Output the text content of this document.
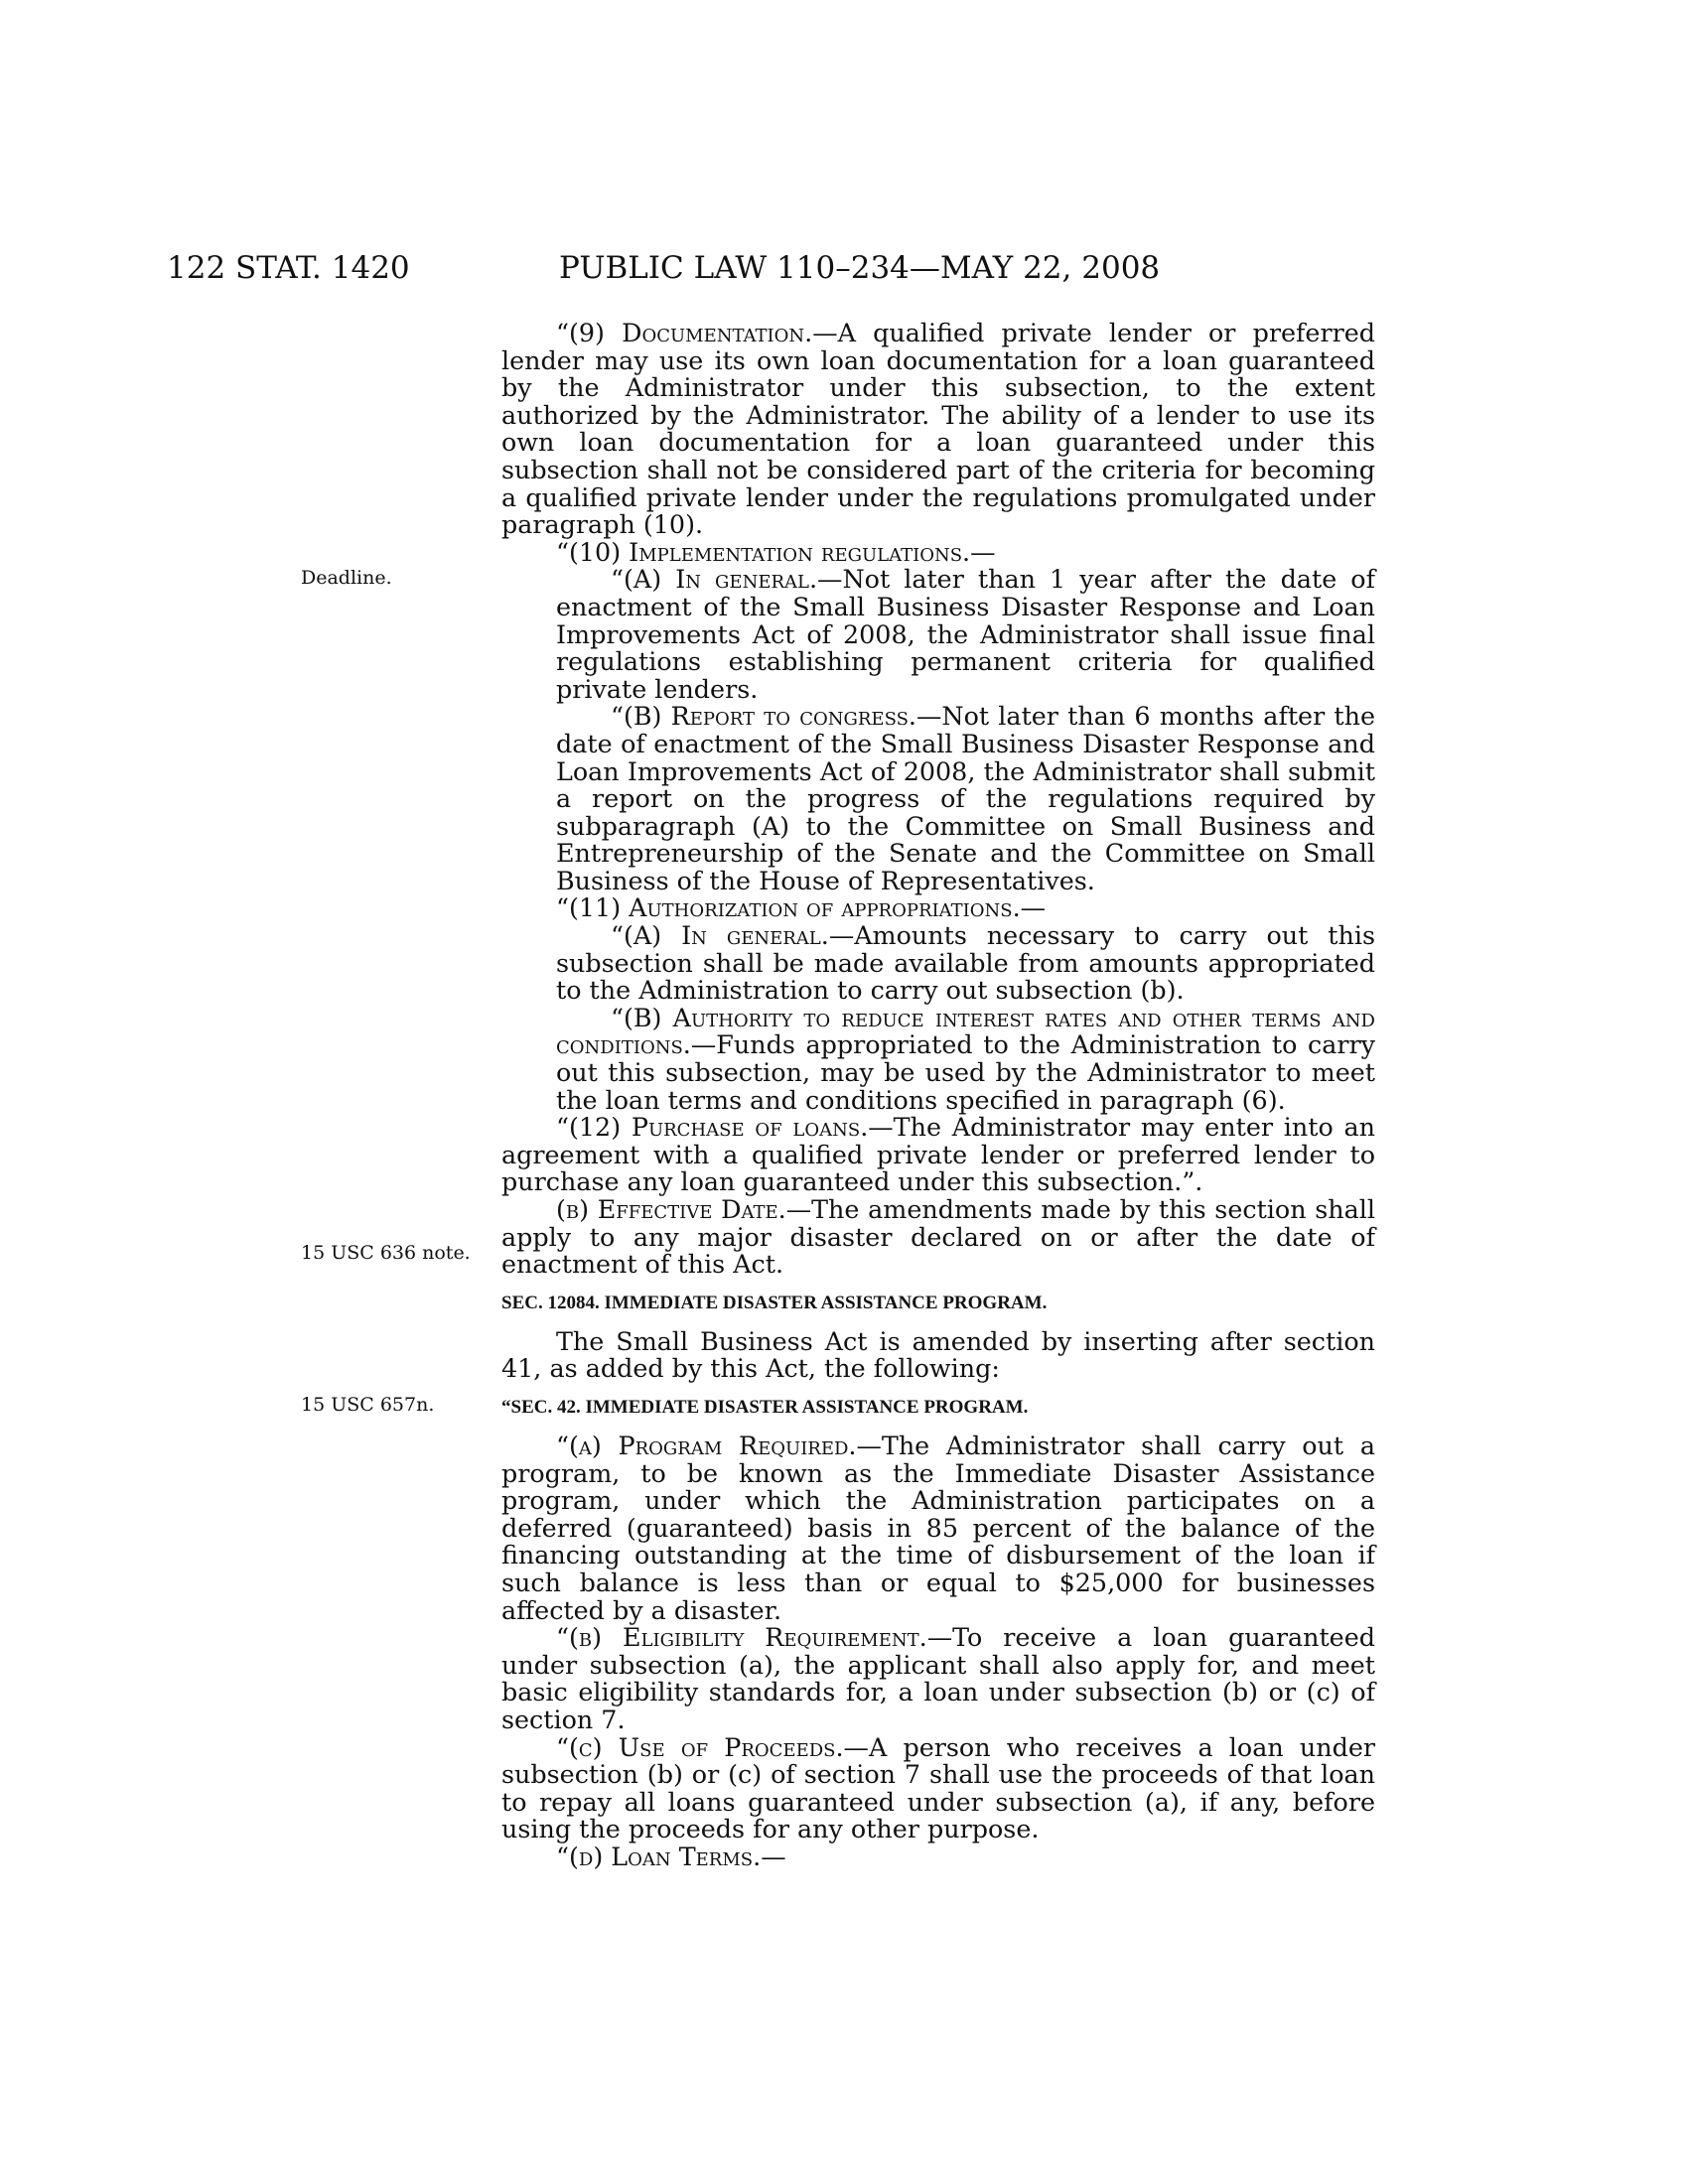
122 STAT. 1420	PUBLIC LAW 110–234—MAY 22, 2008
Deadline.
15 USC 636 note.
15 USC 657n.

“(9) Documentation.—A qualified private lender or preferred lender may use its own loan documentation for a loan guaranteed by the Administrator under this subsection, to the extent authorized by the Administrator. The ability of a lender to use its own loan documentation for a loan guaranteed under this subsection shall not be considered part of the criteria for becoming a qualified private lender under the regulations promulgated under paragraph (10).

“(10) Implementation regulations.—

“(A) In general.—Not later than 1 year after the date of enactment of the Small Business Disaster Response and Loan Improvements Act of 2008, the Administrator shall issue final regulations establishing permanent criteria for qualified private lenders.

“(B) Report to congress.—Not later than 6 months after the date of enactment of the Small Business Disaster Response and Loan Improvements Act of 2008, the Administrator shall submit a report on the progress of the regulations required by subparagraph (A) to the Committee on Small Business and Entrepreneurship of the Senate and the Committee on Small Business of the House of Representatives.

“(11) Authorization of appropriations.—

“(A) In general.—Amounts necessary to carry out this subsection shall be made available from amounts appropriated to the Administration to carry out subsection (b).

“(B) Authority to reduce interest rates and other terms and conditions.—Funds appropriated to the Administration to carry out this subsection, may be used by the Administrator to meet the loan terms and conditions specified in paragraph (6).

“(12) Purchase of loans.—The Administrator may enter into an agreement with a qualified private lender or preferred lender to purchase any loan guaranteed under this subsection.”.

(b) Effective Date.—The amendments made by this section shall apply to any major disaster declared on or after the date of enactment of this Act.

SEC. 12084. IMMEDIATE DISASTER ASSISTANCE PROGRAM.

The Small Business Act is amended by inserting after section 41, as added by this Act, the following:

“SEC. 42. IMMEDIATE DISASTER ASSISTANCE PROGRAM.

“(a) Program Required.—The Administrator shall carry out a program, to be known as the Immediate Disaster Assistance program, under which the Administration participates on a deferred (guaranteed) basis in 85 percent of the balance of the financing outstanding at the time of disbursement of the loan if such balance is less than or equal to $25,000 for businesses affected by a disaster.

“(b) Eligibility Requirement.—To receive a loan guaranteed under subsection (a), the applicant shall also apply for, and meet basic eligibility standards for, a loan under subsection (b) or (c) of section 7.

“(c) Use of Proceeds.—A person who receives a loan under subsection (b) or (c) of section 7 shall use the proceeds of that loan to repay all loans guaranteed under subsection (a), if any, before using the proceeds for any other purpose.

“(d) Loan Terms.—
